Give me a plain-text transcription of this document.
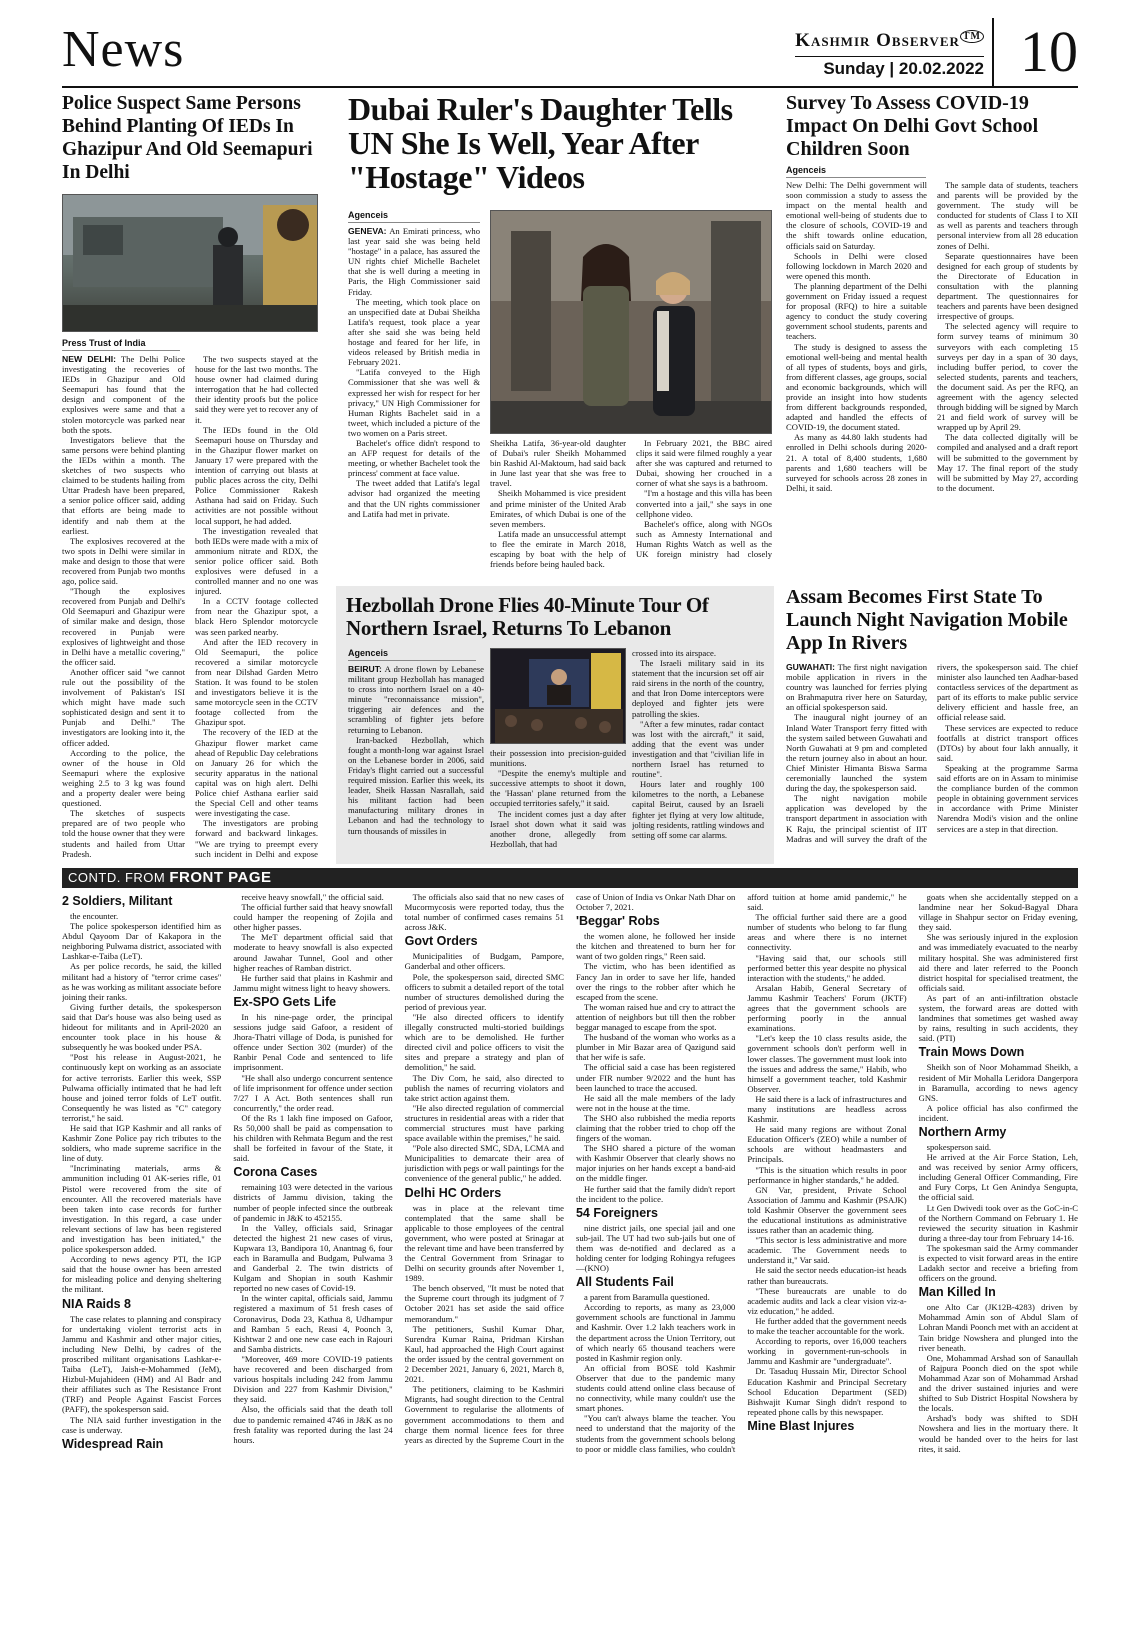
News	Kashmir Observer ™
Sunday | 20.02.2022 10
Police Suspect Same Persons Behind Planting Of IEDs In Ghazipur And Old Seemapuri In Delhi
Press Trust of India

NEW DELHI: The Delhi Police investigating the recoveries of IEDs in Ghazipur and Old Seemapuri has found that the design and component of the explosives were same and that a stolen motorcycle was parked near both the spots.

Investigators believe that the same persons were behind planting the IEDs within a month. The sketches of two suspects who claimed to be students hailing from Uttar Pradesh have been prepared, a senior police officer said, adding that efforts are being made to identify and nab them at the earliest.

The explosives recovered at the two spots in Delhi were similar in make and design to those that were recovered from Punjab two months ago, police said.

"Though the explosives recovered from Punjab and Delhi's Old Seemapuri and Ghazipur were of similar make and design, those recovered in Punjab were explosives of lightweight and those in Delhi have a metallic covering," the officer said.

Another officer said "we cannot rule out the possibility of the involvement of Pakistan's ISI which might have made such sophisticated design and sent it to Punjab and Delhi." The investigators are looking into it, the officer added.

According to the police, the owner of the house in Old Seemapuri where the explosive weighing 2.5 to 3 kg was found and a property dealer were being questioned.

The sketches of suspects prepared are of two people who told the house owner that they were students and hailed from Uttar Pradesh.

The two suspects stayed at the house for the last two months. The house owner had claimed during interrogation that he had collected their identity proofs but the police said they were yet to recover any of it.

The IEDs found in the Old Seemapuri house on Thursday and in the Ghazipur flower market on January 17 were prepared with the intention of carrying out blasts at public places across the city, Delhi Police Commissioner Rakesh Asthana had said on Friday. Such activities are not possible without local support, he had added.

The investigation revealed that both IEDs were made with a mix of ammonium nitrate and RDX, the senior police officer said. Both explosives were defused in a controlled manner and no one was injured.

In a CCTV footage collected from near the Ghazipur spot, a black Hero Splendor motorcycle was seen parked nearby.

And after the IED recovery in Old Seemapuri, the police recovered a similar motorcycle from near Dilshad Garden Metro Station. It was found to be stolen and investigators believe it is the same motorcycle seen in the CCTV footage collected from the Ghazipur spot.

The recovery of the IED at the Ghazipur flower market came ahead of Republic Day celebrations on January 26 for which the security apparatus in the national capital was on high alert. Delhi Police chief Asthana earlier said the Special Cell and other teams were investigating the case.

The investigators are probing forward and backward linkages. "We are trying to preempt every such incident in Delhi and expose

Dubai Ruler's Daughter Tells UN She Is Well, Year After "Hostage" Videos
Agenceis

GENEVA: An Emirati princess, who last year said she was being held "hostage" in a palace, has assured the UN rights chief Michelle Bachelet that she is well during a meeting in Paris, the High Commissioner said Friday.

The meeting, which took place on an unspecified date at Dubai Sheikha Latifa's request, took place a year after she said she was being held hostage and feared for her life, in videos released by British media in February 2021.

"Latifa conveyed to the High Commissioner that she was well & expressed her wish for respect for her privacy," UN High Commissioner for Human Rights Bachelet said in a tweet, which included a picture of the two women on a Paris street.

Bachelet's office didn't respond to an AFP request for details of the meeting, or whether Bachelet took the princess' comment at face value.

The tweet added that Latifa's legal advisor had organized the meeting and that the UN rights commissioner and Latifa had met in private.

Sheikha Latifa, 36-year-old daughter of Dubai's ruler Sheikh Mohammed bin Rashid Al-Maktoum, had said back in June last year that she was free to travel.

Sheikh Mohammed is vice president and prime minister of the United Arab Emirates, of which Dubai is one of the seven members.

Latifa made an unsuccessful attempt to flee the emirate in March 2018, escaping by boat with the help of friends before being hauled back.

In February 2021, the BBC aired clips it said were filmed roughly a year after she was captured and returned to Dubai, showing her crouched in a corner of what she says is a bathroom.

"I'm a hostage and this villa has been converted into a jail," she says in one cellphone video.

Bachelet's office, along with NGOs such as Amnesty International and Human Rights Watch as well as the UK foreign ministry had closely

Survey To Assess COVID-19 Impact On Delhi Govt School Children Soon
Agenceis

New Delhi: The Delhi government will soon commission a study to assess the impact on the mental health and emotional well-being of students due to the closure of schools, COVID-19 and the shift towards online education, officials said on Saturday.

Schools in Delhi were closed following lockdown in March 2020 and were opened this month.

The planning department of the Delhi government on Friday issued a request for proposal (RFQ) to hire a suitable agency to conduct the study covering government school students, parents and teachers.

The study is designed to assess the emotional well-being and mental health of all types of students, boys and girls, from different classes, age groups, social and economic backgrounds, which will provide an insight into how students from different backgrounds responded, adapted and handled the effects of COVID-19, the document stated.

As many as 44.80 lakh students had enrolled in Delhi schools during 2020-21. A total of 8,400 students, 1,680 parents and 1,680 teachers will be surveyed for schools across 28 zones in Delhi, it said.

The sample data of students, teachers and parents will be provided by the government. The study will be conducted for students of Class I to XII as well as parents and teachers through personal interview from all 28 education zones of Delhi.

Separate questionnaires have been designed for each group of students by the Directorate of Education in consultation with the planning department. The questionnaires for teachers and parents have been designed irrespective of groups.

The selected agency will require to form survey teams of minimum 30 surveyors with each completing 15 surveys per day in a span of 30 days, including buffer period, to cover the selected students, parents and teachers, the document said. As per the RFQ, an agreement with the agency selected through bidding will be signed by March 21 and field work of survey will be wrapped up by April 29.

The data collected digitally will be compiled and analysed and a draft report will be submitted to the government by May 17. The final report of the study will be submitted by May 27, according to the document.

Hezbollah Drone Flies 40-Minute Tour Of Northern Israel, Returns To Lebanon
Agenceis

BEIRUT: A drone flown by Lebanese militant group Hezbollah has managed to cross into northern Israel on a 40-minute "reconnaissance mission", triggering air defences and the scrambling of fighter jets before returning to Lebanon.

Iran-backed Hezbollah, which fought a month-long war against Israel on the Lebanese border in 2006, said Friday's flight carried out a successful required mission. Earlier this week, its leader, Sheik Hassan Nasrallah, said his militant faction had been manufacturing military drones in Lebanon and had the technology to turn thousands of missiles in

their possession into precision-guided munitions.

"Despite the enemy's multiple and successive attempts to shoot it down, the 'Hassan' plane returned from the occupied territories safely," it said.

The incident comes just a day after Israel shot down what it said was another drone, allegedly from Hezbollah, that had

crossed into its airspace.

The Israeli military said in its statement that the incursion set off air raid sirens in the north of the country, and that Iron Dome interceptors were deployed and fighter jets were patrolling the skies.

"After a few minutes, radar contact was lost with the aircraft," it said, adding that the event was under investigation and that "civilian life in northern Israel has returned to routine".

Hours later and roughly 100 kilometres to the north, a Lebanese capital Beirut, caused by an Israeli fighter jet flying at very low altitude, jolting residents, rattling windows and setting off some car alarms.

Assam Becomes First State To Launch Night Navigation Mobile App In Rivers

GUWAHATI: The first night navigation mobile application in rivers in the country was launched for ferries plying on Brahmaputra river here on Saturday, an official spokesperson said.

The inaugural night journey of an Inland Water Transport ferry fitted with the system sailed between Guwahati and North Guwahati at 9 pm and completed the return journey also in about an hour. Chief Minister Himanta Biswa Sarma ceremonially launched the system during the day, the spokesperson said.

The night navigation mobile application was developed by the transport department in association with K Raju, the principal scientist of IIT Madras and will survey the draft of the rivers, the spokesperson said. The chief minister also launched ten Aadhar-based contactless services of the department as part of its efforts to make public service delivery efficient and hassle free, an official release said.

These services are expected to reduce footfalls at district transport offices (DTOs) by about four lakh annually, it said.

Speaking at the programme Sarma said efforts are on in Assam to minimise the compliance burden of the common people in obtaining government services in accordance with Prime Minister Narendra Modi's vision and the online services are a step in that direction.

CONTD. FROM FRONT PAGE
2 Soldiers, Militant

the encounter.

The police spokesperson identified him as Abdul Qayoom Dar of Kakapora in the neighboring Pulwama district, associated with Lashkar-e-Taiba (LeT).

As per police records, he said, the killed militant had a history of "terror crime cases" as he was working as militant associate before joining their ranks.

Giving further details, the spokesperson said that Dar's house was also being used as hideout for militants and in April-2020 an encounter took place in his house & subsequently he was booked under PSA.

"Post his release in August-2021, he continuously kept on working as an associate for active terrorists. Earlier this week, SSP Pulwama officially intimated that he had left house and joined terror folds of LeT outfit. Consequently he was listed as "C" category terrorist," he said.

He said that IGP Kashmir and all ranks of Kashmir Zone Police pay rich tributes to the soldiers, who made supreme sacrifice in the line of duty.

"Incriminating materials, arms & ammunition including 01 AK-series rifle, 01 Pistol were recovered from the site of encounter. All the recovered materials have been taken into case records for further investigation. In this regard, a case under relevant sections of law has been registered and investigation has been initiated," the police spokesperson added.

According to news agency PTI, the IGP said that the house owner has been arrested for misleading police and denying sheltering the militant.

NIA Raids 8

The case relates to planning and conspiracy for undertaking violent terrorist acts in Jammu and Kashmir and other major cities, including New Delhi, by cadres of the proscribed militant organisations Lashkar-e-Taiba (LeT), Jaish-e-Mohammed (JeM), Hizbul-Mujahideen (HM) and Al Badr and their affiliates such as The Resistance Front (TRF) and People Against Fascist Forces (PAFF), the spokesperson said.

The NIA said further investigation in the case is underway.

Widespread Rain

receive heavy snowfall," the official said.

The official further said that heavy snowfall could hamper the reopening of Zojila and other higher passes.

The MeT department official said that moderate to heavy snowfall is also expected around Jawahar Tunnel, Gool and other higher reaches of Ramban district.

He further said that plains in Kashmir and Jammu might witness light to heavy showers.

Ex-SPO Gets Life

In his nine-page order, the principal sessions judge said Gafoor, a resident of Jhora-Thatri village of Doda, is punished for offence under Section 302 (murder) of the Ranbir Penal Code and sentenced to life imprisonment.

"He shall also undergo concurrent sentence of life imprisonment for offence under section 7/27 I A Act. Both sentences shall run concurrently," the order read.

Of the Rs 1 lakh fine imposed on Gafoor, Rs 50,000 shall be paid as compensation to his children with Rehmata Begum and the rest shall be forfeited in favour of the State, it said.

Corona Cases

remaining 103 were detected in the various districts of Jammu division, taking the number of people infected since the outbreak of pandemic in J&K to 452155.

In the Valley, officials said, Srinagar detected the highest 21 new cases of virus, Kupwara 13, Bandipora 10, Anantnag 6, four each in Baramulla and Budgam, Pulwama 3 and Ganderbal 2. The twin districts of Kulgam and Shopian in south Kashmir reported no new cases of Covid-19.

In the winter capital, officials said, Jammu registered a maximum of 51 fresh cases of Coronavirus, Doda 23, Kathua 8, Udhampur and Ramban 5 each, Reasi 4, Poonch 3, Kishtwar 2 and one new case each in Rajouri and Samba districts.

"Moreover, 469 more COVID-19 patients have recovered and been discharged from various hospitals including 242 from Jammu Division and 227 from Kashmir Division," they said.

Also, the officials said that the death toll due to pandemic remained 4746 in J&K as no fresh fatality was reported during the last 24 hours.

The officials also said that no new cases of Mucormycosis were reported today, thus the total number of confirmed cases remains 51 across J&K.

Govt Orders

Municipalities of Budgam, Pampore, Ganderbal and other officers.

Pole, the spokesperson said, directed SMC officers to submit a detailed report of the total number of structures demolished during the period of previous year.

"He also directed officers to identify illegally constructed multi-storied buildings which are to be demolished. He further directed civil and police officers to visit the sites and prepare a strategy and plan of demolition," he said.

The Div Com, he said, also directed to publish the names of recurring violators and take strict action against them.

"He also directed regulation of commercial structures in residential areas with a rider that commercial structures must have parking space available within the premises," he said.

"Pole also directed SMC, SDA, LCMA and Municipalities to demarcate their area of jurisdiction with pegs or wall paintings for the convenience of the general public," he added.

Delhi HC Orders

was in place at the relevant time contemplated that the same shall be applicable to those employees of the central government, who were posted at Srinagar at the relevant time and have been transferred by the Central Government from Srinagar to Delhi on security grounds after November 1, 1989.

The bench observed, "It must be noted that the Supreme court through its judgment of 7 October 2021 has set aside the said office memorandum."

The petitioners, Sushil Kumar Dhar, Surendra Kumar Raina, Pridman Kirshan Kaul, had approached the High Court against the order issued by the central government on 2 December 2021, January 6, 2021, March 8, 2021.

The petitioners, claiming to be Kashmiri Migrants, had sought direction to the Central Government to regularise the allotments of government accommodations to them and charge them normal licence fees for three years as directed by the Supreme Court in the case of Union of India vs Onkar Nath Dhar on October 7, 2021.

'Beggar' Robs

the women alone, he followed her inside the kitchen and threatened to burn her for want of two golden rings," Reen said.

The victim, who has been identified as Fancy Jan in order to save her life, handed over the rings to the robber after which he escaped from the scene.

The woman raised hue and cry to attract the attention of neighbors but till then the robber beggar managed to escape from the spot.

The husband of the woman who works as a plumber in Mir Bazar area of Qazigund said that her wife is safe.

The official said a case has been registered under FIR number 9/2022 and the hunt has been launched to trace the accused.

He said all the male members of the lady were not in the house at the time.

The SHO also rubbished the media reports claiming that the robber tried to chop off the fingers of the woman.

The SHO shared a picture of the woman with Kashmir Observer that clearly shows no major injuries on her hands except a band-aid on the middle finger.

He further said that the family didn't report the incident to the police.

54 Foreigners

nine district jails, one special jail and one sub-jail. The UT had two sub-jails but one of them was de-notified and declared as a holding center for lodging Rohingya refugees—(KNO)

All Students Fail

a parent from Baramulla questioned.

According to reports, as many as 23,000 government schools are functional in Jammu and Kashmir. Over 1.2 lakh teachers work in the department across the Union Territory, out of which nearly 65 thousand teachers were posted in Kashmir region only.

An official from BOSE told Kashmir Observer that due to the pandemic many students could attend online class because of no connectivity, while many couldn't use the smart phones.

"You can't always blame the teacher. You need to understand that the majority of the students from the government schools belong to poor or middle class families, who couldn't afford tuition at home amid pandemic," he said.

The official further said there are a good number of students who belong to far flung areas and where there is no internet connectivity.

"Having said that, our schools still performed better this year despite no physical interaction with the students," he added.

Arsalan Habib, General Secretary of Jammu Kashmir Teachers' Forum (JKTF) agrees that the government schools are performing poorly in the annual examinations.

"Let's keep the 10 class results aside, the government schools don't perform well in lower classes. The government must look into the issues and address the same," Habib, who himself a government teacher, told Kashmir Observer.

He said there is a lack of infrastructures and many institutions are headless across Kashmir.

He said many regions are without Zonal Education Officer's (ZEO) while a number of schools are without headmasters and Principals.

"This is the situation which results in poor performance in higher standards," he added.

GN Var, president, Private School Association of Jammu and Kashmir (PSAJK) told Kashmir Observer the government sees the educational institutions as administrative issues rather than an academic thing.

"This sector is less administrative and more academic. The Government needs to understand it," Var said.

He said the sector needs education-ist heads rather than bureaucrats.

"These bureaucrats are unable to do academic audits and lack a clear vision viz-a-viz education," he added.

He further added that the government needs to make the teacher accountable for the work.

According to reports, over 16,000 teachers working in government-run-schools in Jammu and Kashmir are "undergraduate".

Dr. Tasaduq Hussain Mir, Director School Education Kashmir and Principal Secretary School Education Department (SED) Bishwajit Kumar Singh didn't respond to repeated phone calls by this newspaper.

Mine Blast Injures

goats when she accidentally stepped on a landmine near her Sokud-Bagyal Dhara village in Shahpur sector on Friday evening, they said.

She was seriously injured in the explosion and was immediately evacuated to the nearby military hospital. She was administered first aid there and later referred to the Poonch district hospital for specialised treatment, the officials said.

As part of an anti-infiltration obstacle system, the forward areas are dotted with landmines that sometimes get washed away by rains, resulting in such accidents, they said. (PTI)

Train Mows Down

Sheikh son of Noor Mohammad Sheikh, a resident of Mir Mohalla Leridora Dangerpora in Baramulla, according to news agency GNS.

A police official has also confirmed the incident.

Northern Army

spokesperson said.

He arrived at the Air Force Station, Leh, and was received by senior Army officers, including General Officer Commanding, Fire and Fury Corps, Lt Gen Anindya Sengupta, the official said.

Lt Gen Dwivedi took over as the GoC-in-C of the Northern Command on February 1. He reviewed the security situation in Kashmir during a three-day tour from February 14-16.

The spokesman said the Army commander is expected to visit forward areas in the entire Ladakh sector and receive a briefing from officers on the ground.

Man Killed In

one Alto Car (JK12B-4283) driven by Mohammad Amin son of Abdul Slam of Lohran Mandi Poonch met with an accident at Tain bridge Nowshera and plunged into the river beneath.

One, Mohammad Arshad son of Sanaullah of Rajpura Poonch died on the spot while Mohammad Azar son of Mohammad Arshad and the driver sustained injuries and were shifted to Sub District Hospital Nowshera by the locals.

Arshad's body was shifted to SDH Nowshera and lies in the mortuary there. It would be handed over to the heirs for last rites, it said.
